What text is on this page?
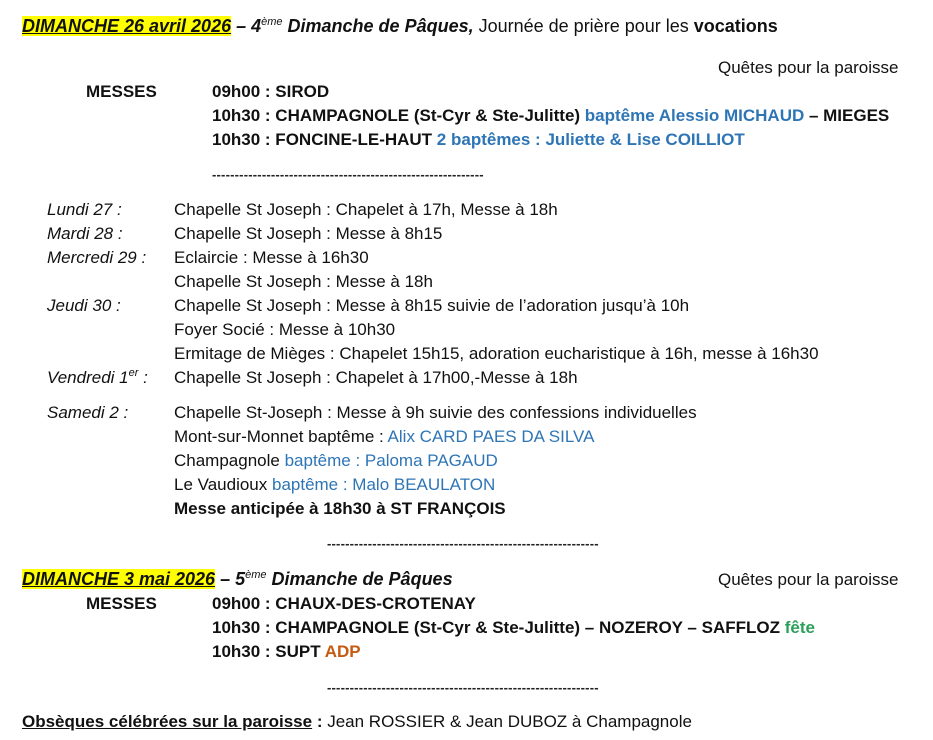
DIMANCHE 26 avril 2026 – 4ème Dimanche de Pâques, Journée de prière pour les vocations
Quêtes pour la paroisse
MESSES	09h00 : SIROD
10h30 : CHAMPAGNOLE (St-Cyr & Ste-Julitte) baptême Alessio MICHAUD – MIEGES
10h30 : FONCINE-LE-HAUT 2 baptêmes : Juliette & Lise COILLIOT
------------------------------------------------------------
Lundi 27 :	Chapelle St Joseph : Chapelet à 17h, Messe à 18h
Mardi 28 :	Chapelle St Joseph : Messe à 8h15
Mercredi 29 : Eclaircie : Messe à 16h30
Chapelle St Joseph : Messe à 18h
Jeudi 30 :	Chapelle St Joseph : Messe à 8h15 suivie de l’adoration jusqu’à 10h
Foyer Socié : Messe à 10h30
Ermitage de Mièges : Chapelet 15h15, adoration eucharistique à 16h, messe à 16h30
Vendredi 1er : Chapelle St Joseph : Chapelet à 17h00,-Messe à 18h
Samedi 2 :	Chapelle St-Joseph : Messe à 9h suivie des confessions individuelles
Mont-sur-Monnet baptême : Alix CARD PAES DA SILVA
Champagnole baptême : Paloma PAGAUD
Le Vaudioux baptême : Malo BEAULATON
Messe anticipée à 18h30 à ST FRANÇOIS
------------------------------------------------------------
DIMANCHE 3 mai 2026 – 5ème Dimanche de Pâques	Quêtes pour la paroisse
MESSES	09h00 : CHAUX-DES-CROTENAY
10h30 : CHAMPAGNOLE (St-Cyr & Ste-Julitte) – NOZEROY – SAFFLOZ fête
10h30 : SUPT ADP
------------------------------------------------------------
Obsèques célébrées sur la paroisse : Jean ROSSIER & Jean DUBOZ à Champagnole
